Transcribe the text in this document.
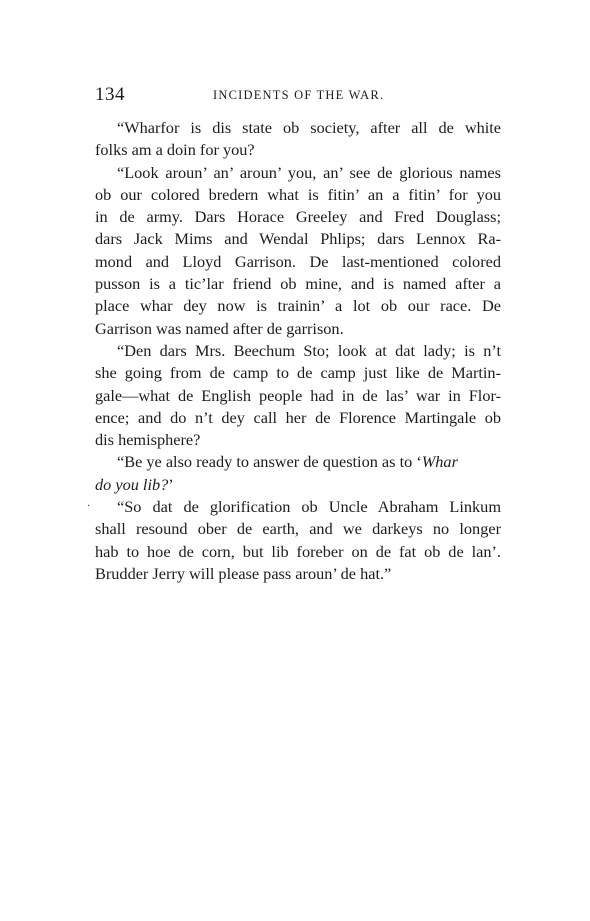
134	INCIDENTS OF THE WAR.

“Wharfor is dis state ob society, after all de white
folks am a doin for you?

“Look aroun’ an’ aroun’ you, an’ see de glorious names
ob our colored bredern what is fitin’ an a fitin’ for you
in de army. Dars Horace Greeley and Fred Douglass;
dars Jack Mims and Wendal Phlips; dars Lennox Ra-
mond and Lloyd Garrison. De last-mentioned colored
pusson is a tic’lar friend ob mine, and is named after a
place whar dey now is trainin’ a lot ob our race. De
Garrison was named after de garrison.

“Den dars Mrs. Beechum Sto; look at dat lady; is n’t
she going from de camp to de camp just like de Martin-
gale—what de English people had in de las’ war in Flor-
ence; and do n’t dey call her de Florence Martingale ob
dis hemisphere?

“Be ye also ready to answer de question as to ‘Whar
do you lib?’

·	“So dat de glorification ob Uncle Abraham Linkum
shall resound ober de earth, and we darkeys no longer
hab to hoe de corn, but lib foreber on de fat ob de lan’.
Brudder Jerry will please pass aroun’ de hat.”
